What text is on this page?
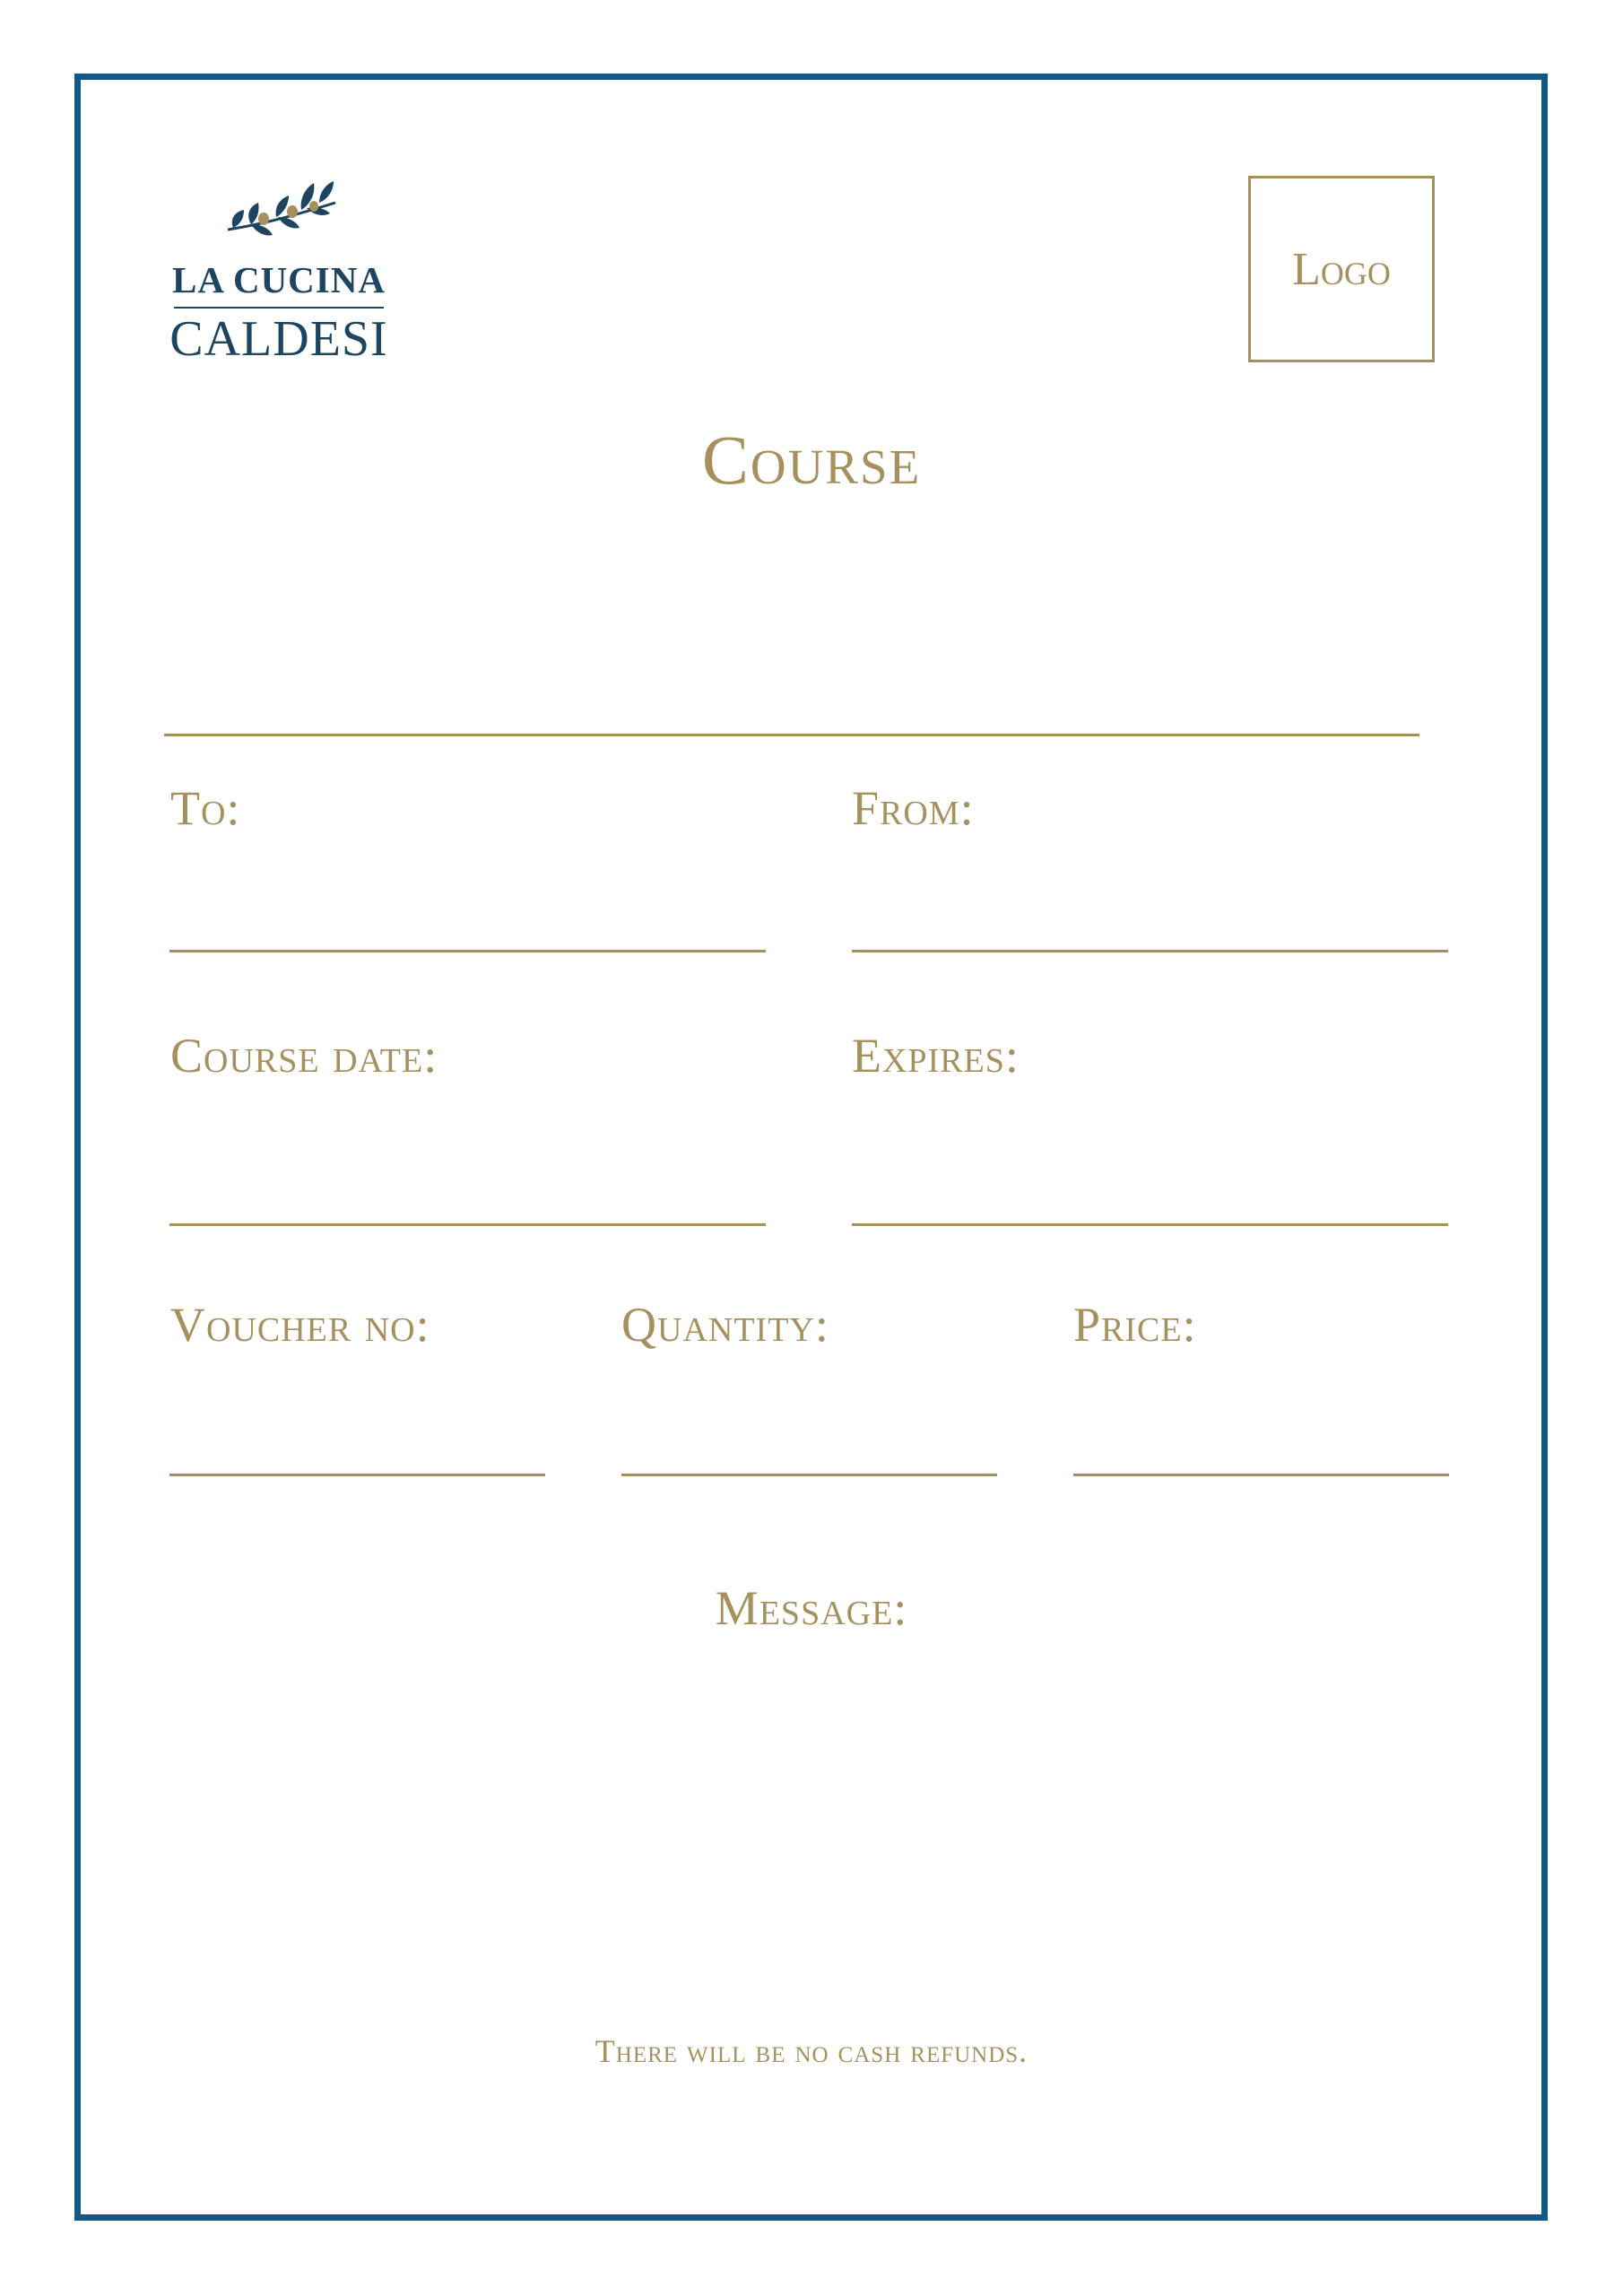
LA CUCINA
CALDESI
Logo
Course
To:	From:
Course date:	Expires:
Voucher no:	Quantity:	Price:
Message:
There will be no cash refunds.
